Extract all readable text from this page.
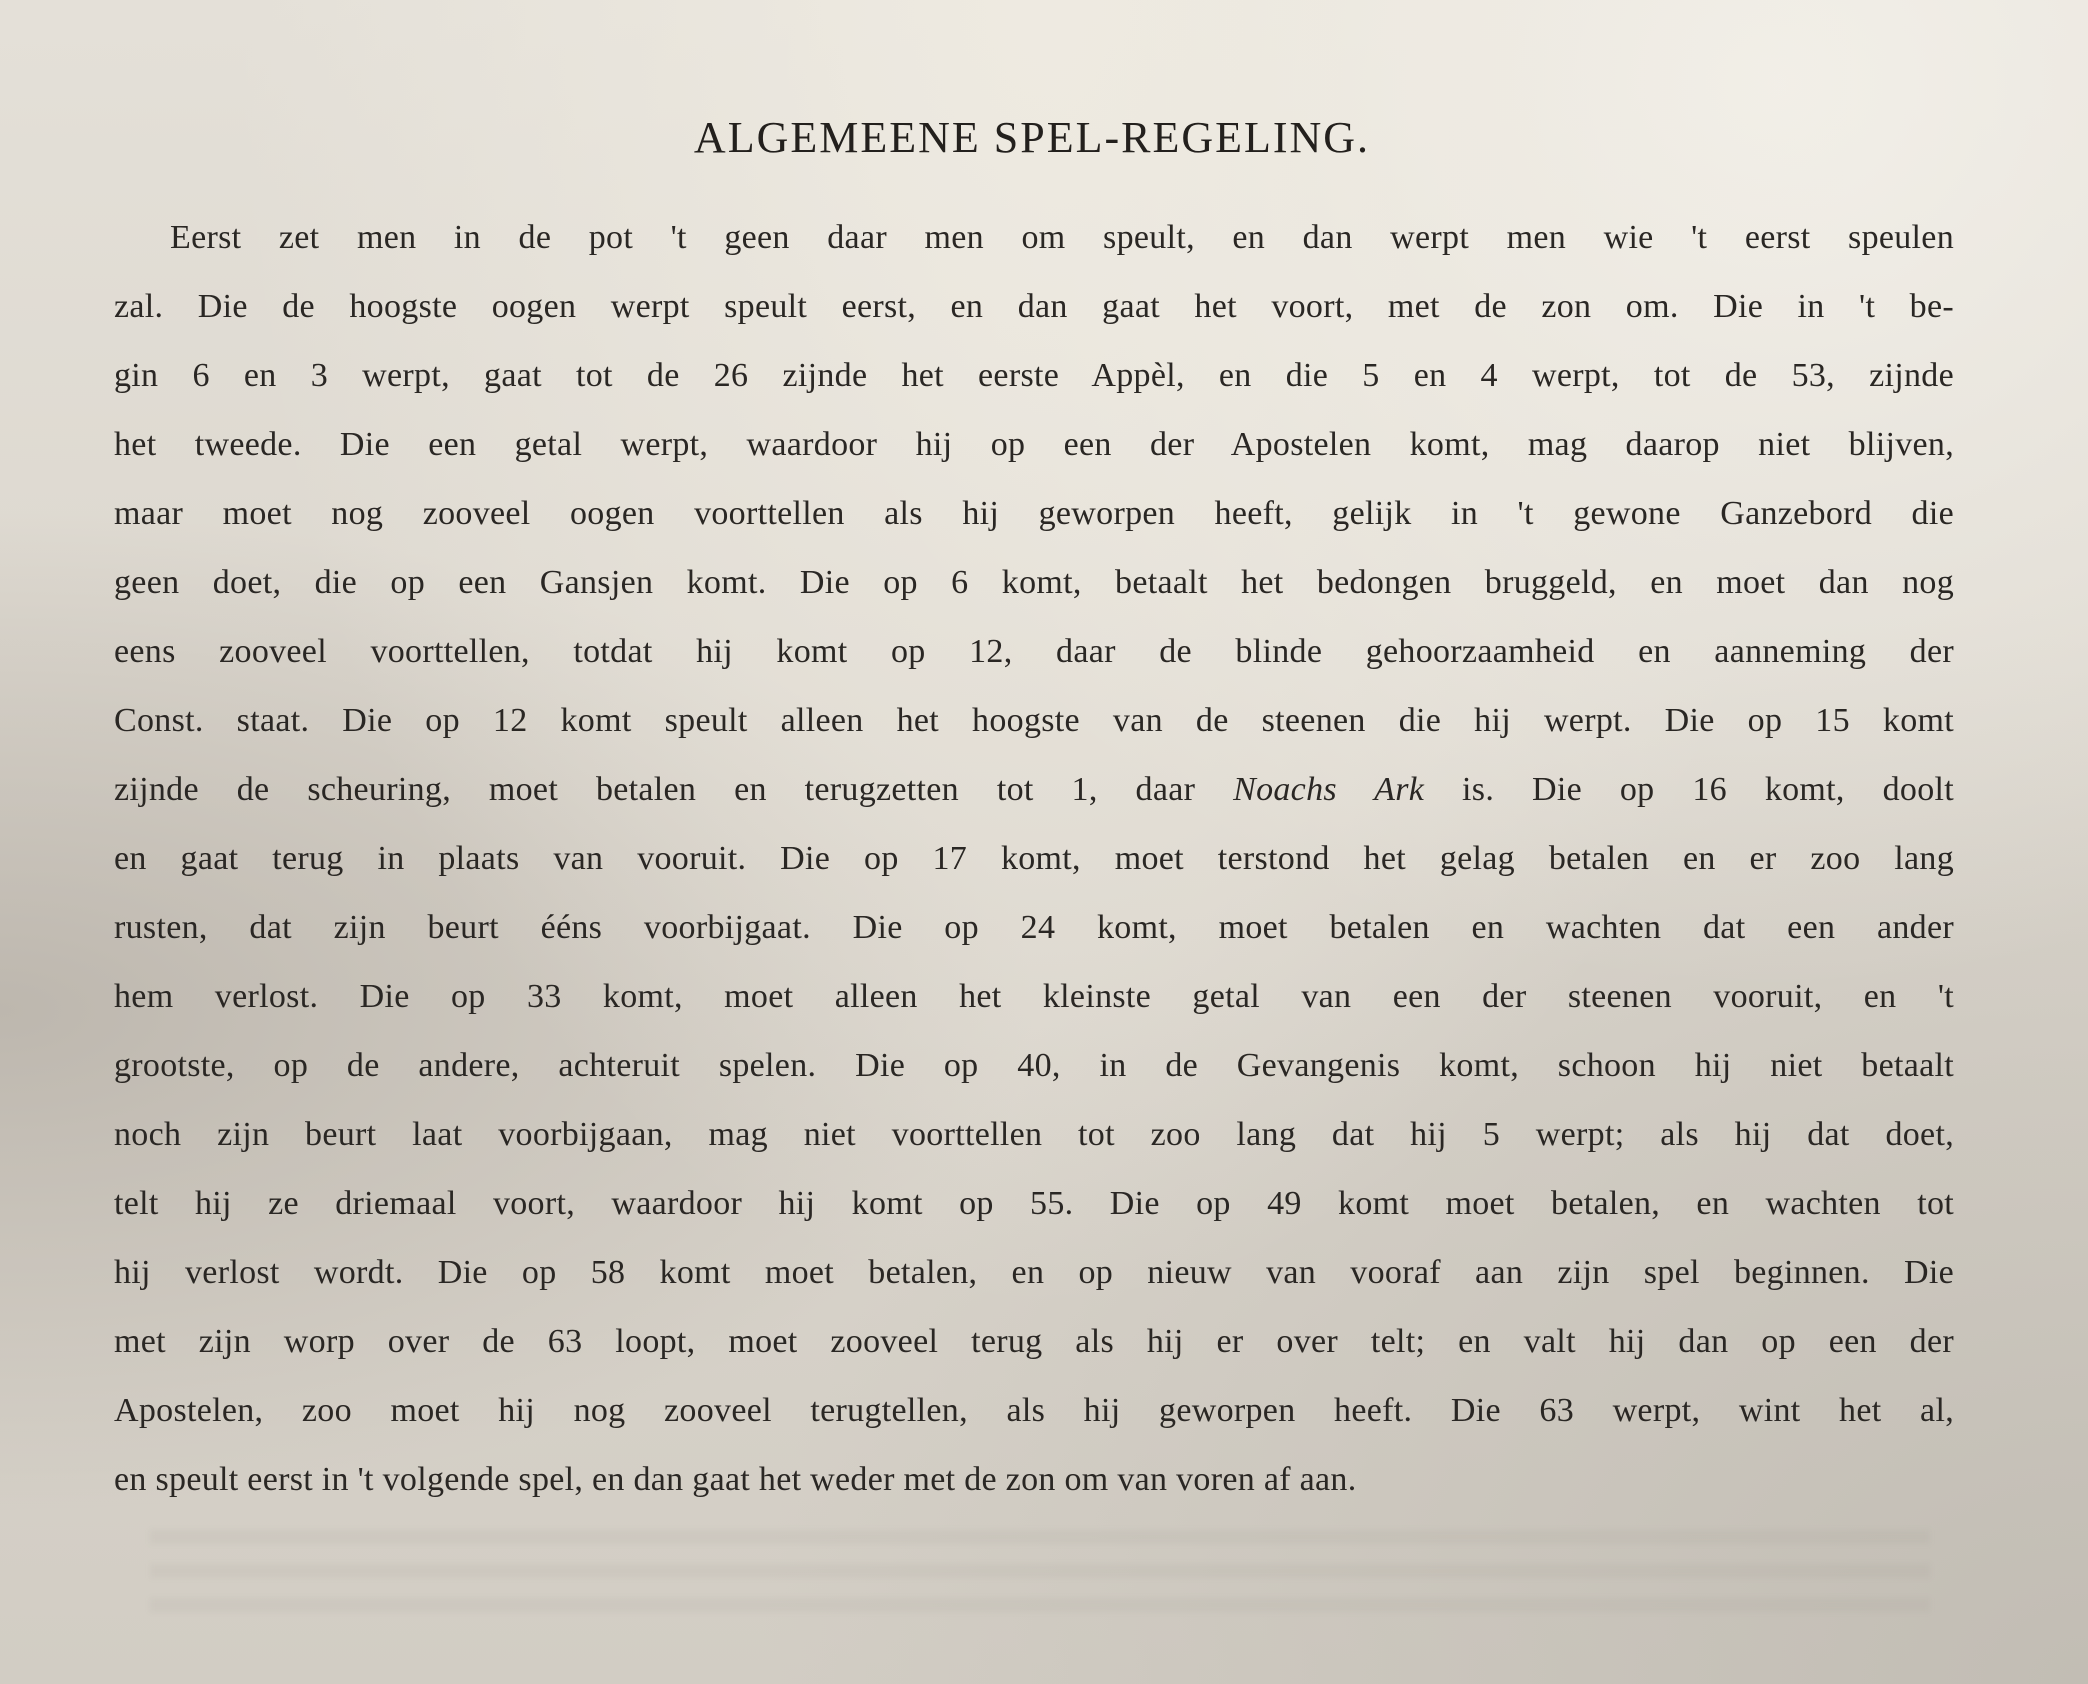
ALGEMEENE SPEL-REGELING.
Eerst zet men in de pot 't geen daar men om speult, en dan werpt men wie 't eerst speulen
zal. Die de hoogste oogen werpt speult eerst, en dan gaat het voort, met de zon om. Die in 't be-
gin 6 en 3 werpt, gaat tot de 26 zijnde het eerste Appèl, en die 5 en 4 werpt, tot de 53, zijnde
het tweede. Die een getal werpt, waardoor hij op een der Apostelen komt, mag daarop niet blijven,
maar moet nog zooveel oogen voorttellen als hij geworpen heeft, gelijk in 't gewone Ganzebord die
geen doet, die op een Gansjen komt. Die op 6 komt, betaalt het bedongen bruggeld, en moet dan nog
eens zooveel voorttellen, totdat hij komt op 12, daar de blinde gehoorzaamheid en aanneming der
Const. staat. Die op 12 komt speult alleen het hoogste van de steenen die hij werpt. Die op 15 komt
zijnde de scheuring, moet betalen en terugzetten tot 1, daar Noachs Ark is. Die op 16 komt, doolt
en gaat terug in plaats van vooruit. Die op 17 komt, moet terstond het gelag betalen en er zoo lang
rusten, dat zijn beurt ééns voorbijgaat. Die op 24 komt, moet betalen en wachten dat een ander
hem verlost. Die op 33 komt, moet alleen het kleinste getal van een der steenen vooruit, en 't
grootste, op de andere, achteruit spelen. Die op 40, in de Gevangenis komt, schoon hij niet betaalt
noch zijn beurt laat voorbijgaan, mag niet voorttellen tot zoo lang dat hij 5 werpt; als hij dat doet,
telt hij ze driemaal voort, waardoor hij komt op 55. Die op 49 komt moet betalen, en wachten tot
hij verlost wordt. Die op 58 komt moet betalen, en op nieuw van vooraf aan zijn spel beginnen. Die
met zijn worp over de 63 loopt, moet zooveel terug als hij er over telt; en valt hij dan op een der
Apostelen, zoo moet hij nog zooveel terugtellen, als hij geworpen heeft. Die 63 werpt, wint het al,
en speult eerst in 't volgende spel, en dan gaat het weder met de zon om van voren af aan.
